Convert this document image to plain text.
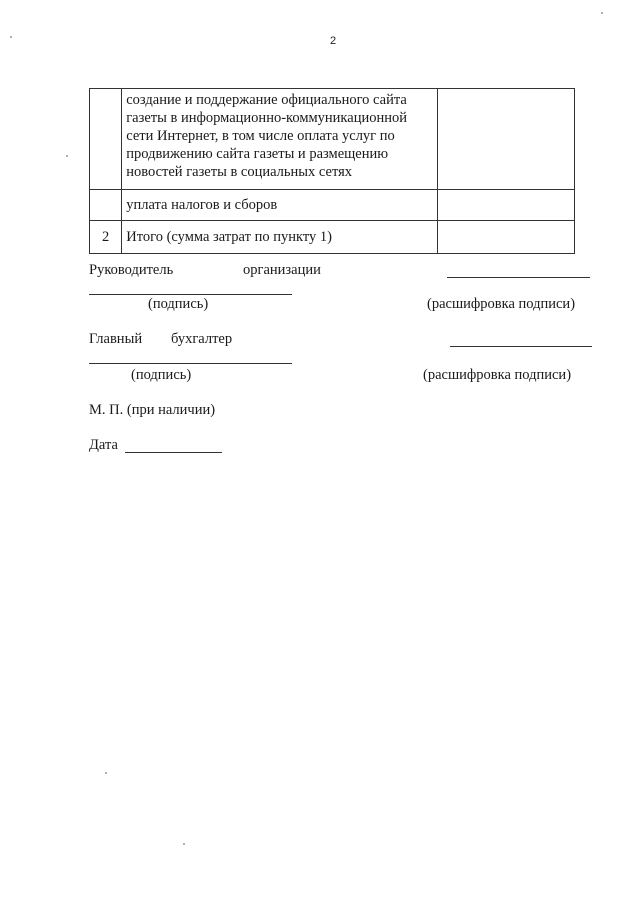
2
	создание и поддержание официального сайта газеты в информационно-коммуникационной сети Интернет, в том числе оплата услуг по продвижению сайта газеты и размещению новостей газеты в социальных сетях	
	уплата налогов и сборов	
2	Итого (сумма затрат по пункту 1)	
Руководитель	организации
(подпись)	(расшифровка подписи)
Главный бухгалтер
(подпись)	(расшифровка подписи)
М. П. (при наличии)
Дата
